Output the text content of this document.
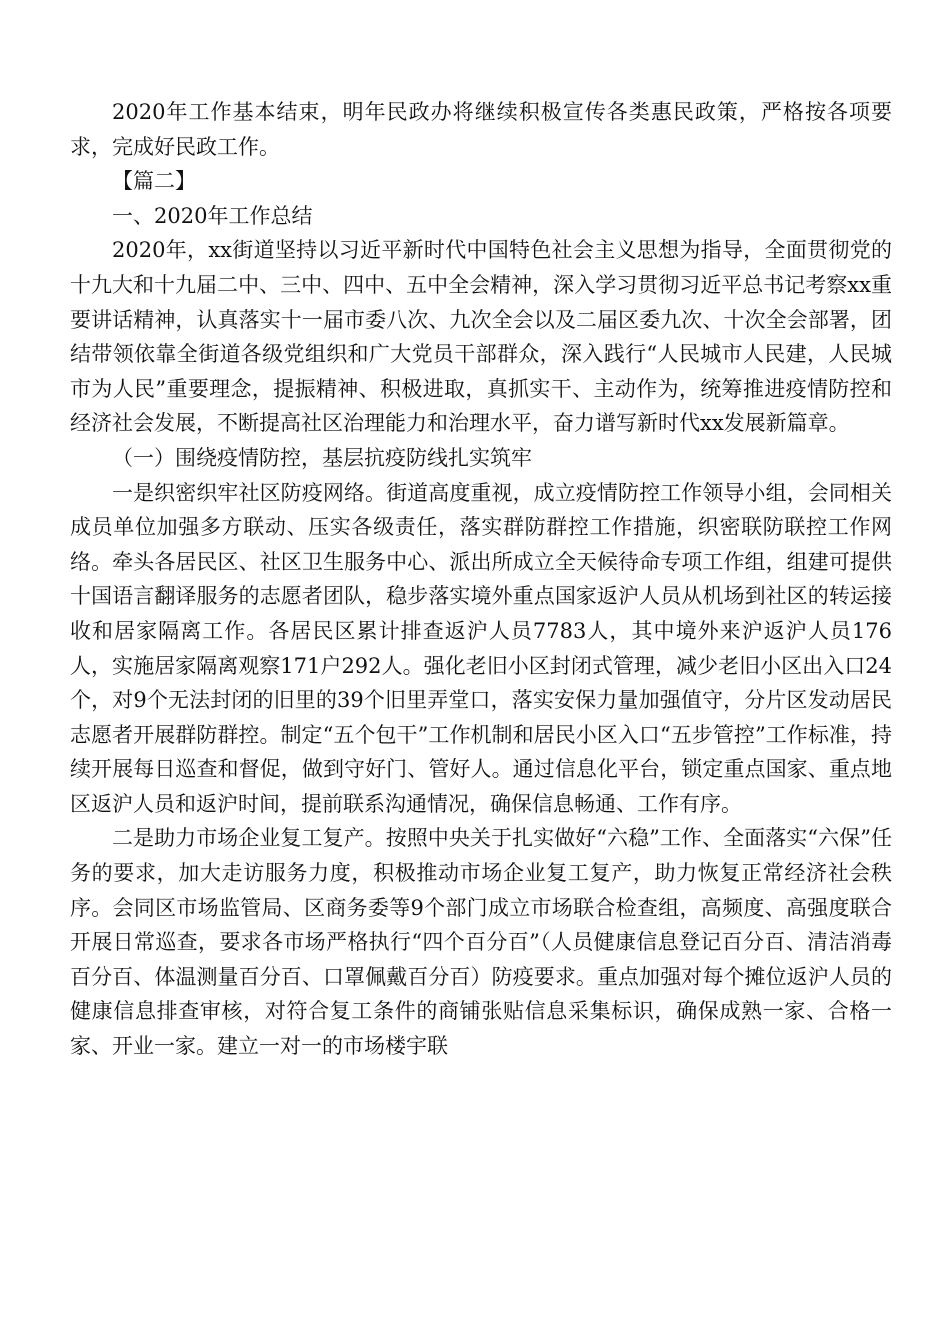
2020年工作基本结束，明年民政办将继续积极宣传各类惠民政策，严格按各项要求，完成好民政工作。

【篇二】

一、2020年工作总结

2020年，xx街道坚持以习近平新时代中国特色社会主义思想为指导，全面贯彻党的十九大和十九届二中、三中、四中、五中全会精神，深入学习贯彻习近平总书记考察xx重要讲话精神，认真落实十一届市委八次、九次全会以及二届区委九次、十次全会部署，团结带领依靠全街道各级党组织和广大党员干部群众，深入践行“人民城市人民建，人民城市为人民”重要理念，提振精神、积极进取，真抓实干、主动作为，统筹推进疫情防控和经济社会发展，不断提高社区治理能力和治理水平，奋力谱写新时代xx发展新篇章。

（一）围绕疫情防控，基层抗疫防线扎实筑牢

一是织密织牢社区防疫网络。街道高度重视，成立疫情防控工作领导小组，会同相关成员单位加强多方联动、压实各级责任，落实群防群控工作措施，织密联防联控工作网络。牵头各居民区、社区卫生服务中心、派出所成立全天候待命专项工作组，组建可提供十国语言翻译服务的志愿者团队，稳步落实境外重点国家返沪人员从机场到社区的转运接收和居家隔离工作。各居民区累计排查返沪人员7783人，其中境外来沪返沪人员176人，实施居家隔离观察171户292人。强化老旧小区封闭式管理，减少老旧小区出入口24个，对9个无法封闭的旧里的39个旧里弄堂口，落实安保力量加强值守，分片区发动居民志愿者开展群防群控。制定“五个包干”工作机制和居民小区入口“五步管控”工作标准，持续开展每日巡查和督促，做到守好门、管好人。通过信息化平台，锁定重点国家、重点地区返沪人员和返沪时间，提前联系沟通情况，确保信息畅通、工作有序。

二是助力市场企业复工复产。按照中央关于扎实做好“六稳”工作、全面落实“六保”任务的要求，加大走访服务力度，积极推动市场企业复工复产，助力恢复正常经济社会秩序。会同区市场监管局、区商务委等9个部门成立市场联合检查组，高频度、高强度联合开展日常巡查，要求各市场严格执行“四个百分百”（人员健康信息登记百分百、清洁消毒百分百、体温测量百分百、口罩佩戴百分百）防疫要求。重点加强对每个摊位返沪人员的健康信息排查审核，对符合复工条件的商铺张贴信息采集标识，确保成熟一家、合格一家、开业一家。建立一对一的市场楼宇联
